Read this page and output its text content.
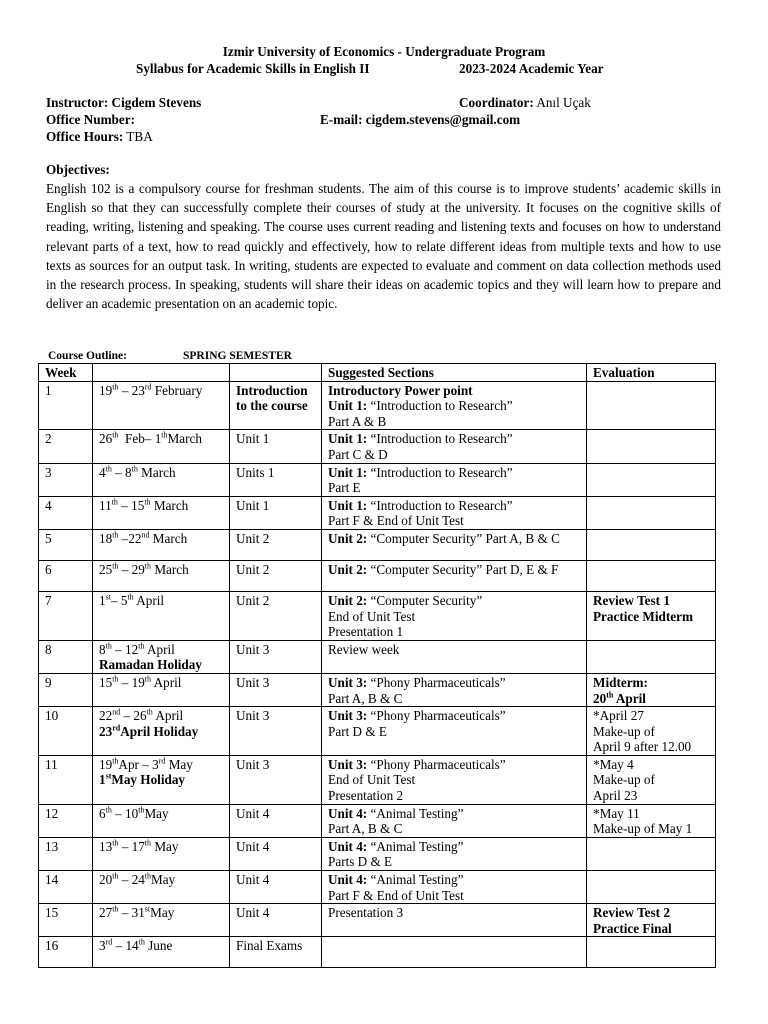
Izmir University of Economics - Undergraduate Program
Syllabus for Academic Skills in English II	2023-2024 Academic Year
Instructor: Cigdem Stevens	Coordinator: Anıl Uçak
Office Number:	E-mail: cigdem.stevens@gmail.com
Office Hours: TBA
Objectives:
English 102 is a compulsory course for freshman students. The aim of this course is to improve students’ academic skills in English so that they can successfully complete their courses of study at the university. It focuses on the cognitive skills of reading, writing, listening and speaking. The course uses current reading and listening texts and focuses on how to understand relevant parts of a text, how to read quickly and effectively, how to relate different ideas from multiple texts and how to use texts as sources for an output task. In writing, students are expected to evaluate and comment on data collection methods used in the research process. In speaking, students will share their ideas on academic topics and they will learn how to prepare and deliver an academic presentation on an academic topic.
Course Outline:	SPRING SEMESTER
Week			Suggested Sections	Evaluation
1	19th – 23rd February	Introduction to the course	Introductory Power point
Unit 1: “Introduction to Research”
Part A & B	
2	26th  Feb– 1thMarch	Unit 1	Unit 1: “Introduction to Research”
Part C & D	
3	4th – 8th March	Units 1	Unit 1: “Introduction to Research”
Part E	
4	11th – 15th March	Unit 1	Unit 1: “Introduction to Research”
Part F & End of Unit Test	
5	18th –22nd March	Unit 2	Unit 2: “Computer Security” Part A, B & C	
6	25th – 29th March	Unit 2	Unit 2: “Computer Security” Part D, E & F	
7	1st– 5th April	Unit 2	Unit 2: “Computer Security”
End of Unit Test
Presentation 1	Review Test 1
Practice Midterm
8	8th – 12th April
Ramadan Holiday	Unit 3	Review week	
9	15th – 19th April	Unit 3	Unit 3: “Phony Pharmaceuticals”
Part A, B & C	Midterm:
20th April
10	22nd – 26th April
23rdApril Holiday	Unit 3	Unit 3: “Phony Pharmaceuticals”
Part D & E	*April 27
Make-up of
April 9 after 12.00
11	19thApr – 3rd May
1stMay Holiday	Unit 3	Unit 3: “Phony Pharmaceuticals”
End of Unit Test
Presentation 2	*May 4
Make-up of
April 23
12	6th – 10thMay	Unit 4	Unit 4: “Animal Testing”
Part A, B & C	*May 11
Make-up of May 1
13	13th – 17th May	Unit 4	Unit 4: “Animal Testing”
Parts D & E	
14	20th – 24thMay	Unit 4	Unit 4: “Animal Testing”
Part F & End of Unit Test	
15	27th – 31stMay	Unit 4	Presentation 3	Review Test 2
Practice Final
16	3rd – 14th June	Final Exams		
